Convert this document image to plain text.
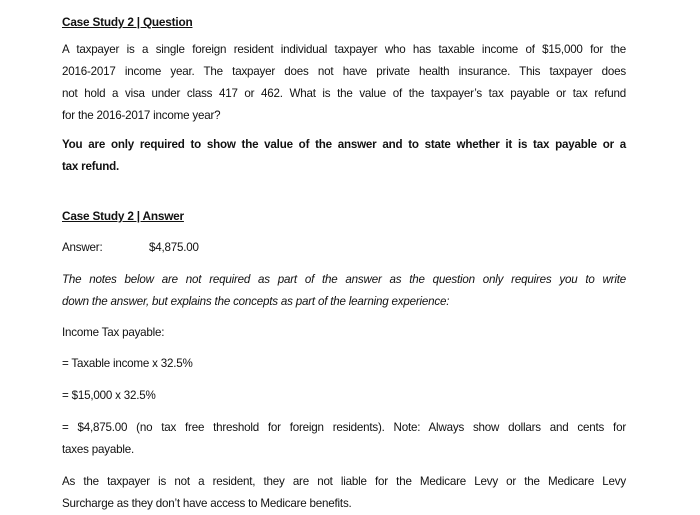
Case Study 2 | Question
A taxpayer is a single foreign resident individual taxpayer who has taxable income of $15,000 for the
2016-2017 income year. The taxpayer does not have private health insurance. This taxpayer does
not hold a visa under class 417 or 462. What is the value of the taxpayer’s tax payable or tax refund
for the 2016-2017 income year?
You are only required to show the value of the answer and to state whether it is tax payable or a
tax refund.
Case Study 2 | Answer
Answer:	$4,875.00
The notes below are not required as part of the answer as the question only requires you to write
down the answer, but explains the concepts as part of the learning experience:
Income Tax payable:
= Taxable income x 32.5%
= $15,000 x 32.5%
= $4,875.00 (no tax free threshold for foreign residents). Note: Always show dollars and cents for
taxes payable.
As the taxpayer is not a resident, they are not liable for the Medicare Levy or the Medicare Levy
Surcharge as they don’t have access to Medicare benefits.
